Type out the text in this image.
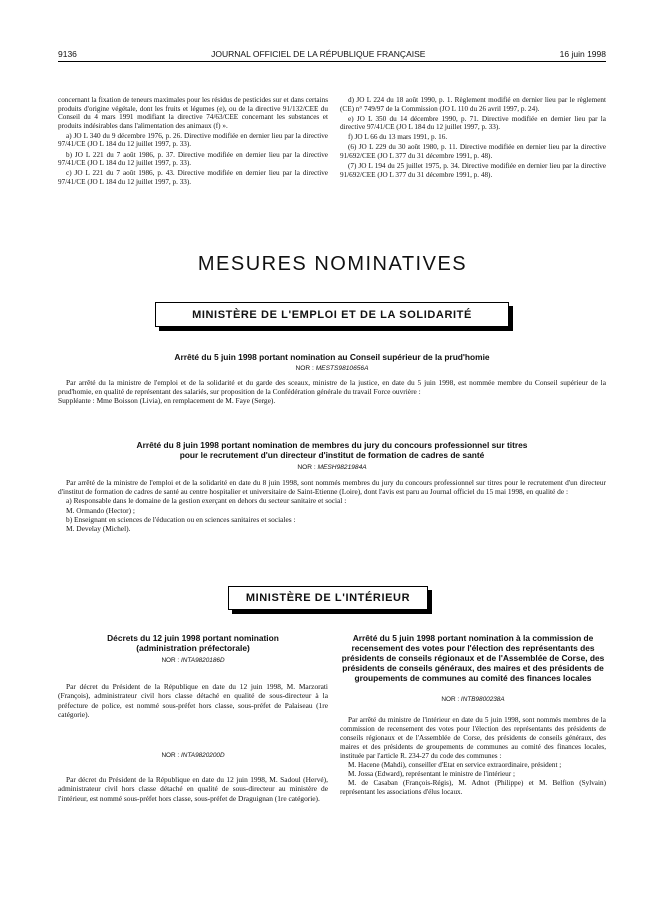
9136	JOURNAL OFFICIEL DE LA RÉPUBLIQUE FRANÇAISE	16 juin 1998

concernant la fixation de teneurs maximales pour les résidus de pesticides sur et dans certains produits d'origine végétale, dont les fruits et légumes (e), ou de la directive 91/132/CEE du Conseil du 4 mars 1991 modifiant la directive 74/63/CEE concernant les substances et produits indésirables dans l'alimentation des animaux (f) ».

a) JO L 340 du 9 décembre 1976, p. 26. Directive modifiée en dernier lieu par la directive 97/41/CE (JO L 184 du 12 juillet 1997, p. 33).

b) JO L 221 du 7 août 1986, p. 37. Directive modifiée en dernier lieu par la directive 97/41/CE (JO L 184 du 12 juillet 1997, p. 33).

c) JO L 221 du 7 août 1986, p. 43. Directive modifiée en dernier lieu par la directive 97/41/CE (JO L 184 du 12 juillet 1997, p. 33).

d) JO L 224 du 18 août 1990, p. 1. Règlement modifié en dernier lieu par le règlement (CE) n° 749/97 de la Commission (JO L 110 du 26 avril 1997, p. 24).

e) JO L 350 du 14 décembre 1990, p. 71. Directive modifiée en dernier lieu par la directive 97/41/CE (JO L 184 du 12 juillet 1997, p. 33).

f) JO L 66 du 13 mars 1991, p. 16.

(6) JO L 229 du 30 août 1980, p. 11. Directive modifiée en dernier lieu par la directive 91/692/CEE (JO L 377 du 31 décembre 1991, p. 48).

(7) JO L 194 du 25 juillet 1975, p. 34. Directive modifiée en dernier lieu par la directive 91/692/CEE (JO L 377 du 31 décembre 1991, p. 48).

MESURES NOMINATIVES
MINISTÈRE DE L'EMPLOI ET DE LA SOLIDARITÉ
Arrêté du 5 juin 1998 portant nomination au Conseil supérieur de la prud'homie
NOR : MESTS9810656A

Par arrêté du la ministre de l'emploi et de la solidarité et du garde des sceaux, ministre de la justice, en date du 5 juin 1998, est nommée membre du Conseil supérieur de la prud'homie, en qualité de représentant des salariés, sur proposition de la Confédération générale du travail Force ouvrière :

Suppléante : Mme Boisson (Livia), en remplacement de M. Faye (Serge).

Arrêté du 8 juin 1998 portant nomination de membres du jury du concours professionnel sur titres
pour le recrutement d'un directeur d'institut de formation de cadres de santé
NOR : MESH9821984A

Par arrêté de la ministre de l'emploi et de la solidarité en date du 8 juin 1998, sont nommés membres du jury du concours professionnel sur titres pour le recrutement d'un directeur d'institut de formation de cadres de santé au centre hospitalier et universitaire de Saint-Etienne (Loire), dont l'avis est paru au Journal officiel du 15 mai 1998, en qualité de :

a) Responsable dans le domaine de la gestion exerçant en dehors du secteur sanitaire et social :

M. Ormando (Hector) ;

b) Enseignant en sciences de l'éducation ou en sciences sanitaires et sociales :

M. Develay (Michel).

MINISTÈRE DE L'INTÉRIEUR
Décrets du 12 juin 1998 portant nomination
(administration préfectorale)
NOR : INTA9820186D

Par décret du Président de la République en date du 12 juin 1998, M. Marzorati (François), administrateur civil hors classe détaché en qualité de sous-directeur à la préfecture de police, est nommé sous-préfet hors classe, sous-préfet de Palaiseau (1re catégorie).

NOR : INTA9820200D

Par décret du Président de la République en date du 12 juin 1998, M. Sadoul (Hervé), administrateur civil hors classe détaché en qualité de sous-directeur au ministère de l'intérieur, est nommé sous-préfet hors classe, sous-préfet de Draguignan (1re catégorie).

Arrêté du 5 juin 1998 portant nomination à la commission de recensement des votes pour l'élection des représentants des présidents de conseils régionaux et de l'Assemblée de Corse, des présidents de conseils généraux, des maires et des présidents de groupements de communes au comité des finances locales
NOR : INTB9800238A

Par arrêté du ministre de l'intérieur en date du 5 juin 1998, sont nommés membres de la commission de recensement des votes pour l'élection des représentants des présidents de conseils régionaux et de l'Assemblée de Corse, des présidents de conseils généraux, des maires et des présidents de groupements de communes au comité des finances locales, instituée par l'article R. 234-27 du code des communes :

M. Hacene (Mahdi), conseiller d'Etat en service extraordinaire, président ;

M. Jossa (Edward), représentant le ministre de l'intérieur ;

M. de Casaban (François-Régis), M. Adnot (Philippe) et M. Belfion (Sylvain) représentant les associations d'élus locaux.
